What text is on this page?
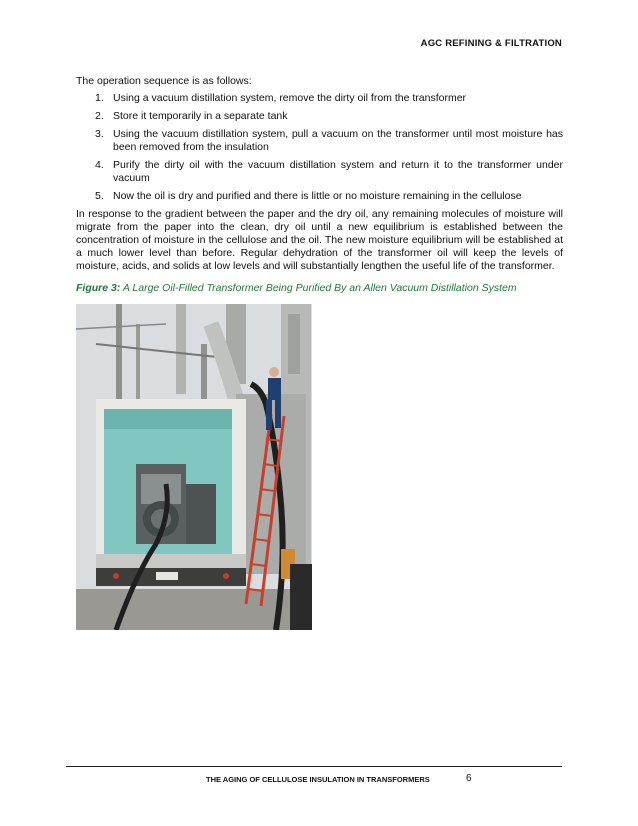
AGC REFINING & FILTRATION
The operation sequence is as follows:
1. Using a vacuum distillation system, remove the dirty oil from the transformer
2. Store it temporarily in a separate tank
3. Using the vacuum distillation system, pull a vacuum on the transformer until most moisture has been removed from the insulation
4. Purify the dirty oil with the vacuum distillation system and return it to the transformer under vacuum
5. Now the oil is dry and purified and there is little or no moisture remaining in the cellulose

In response to the gradient between the paper and the dry oil, any remaining molecules of moisture will migrate from the paper into the clean, dry oil until a new equilibrium is established between the concentration of moisture in the cellulose and the oil. The new moisture equilibrium will be established at a much lower level than before. Regular dehydration of the transformer oil will keep the levels of moisture, acids, and solids at low levels and will substantially lengthen the useful life of the transformer.

Figure 3: A Large Oil-Filled Transformer Being Purified By an Allen Vacuum Distillation System
THE AGING OF CELLULOSE INSULATION IN TRANSFORMERS	6
